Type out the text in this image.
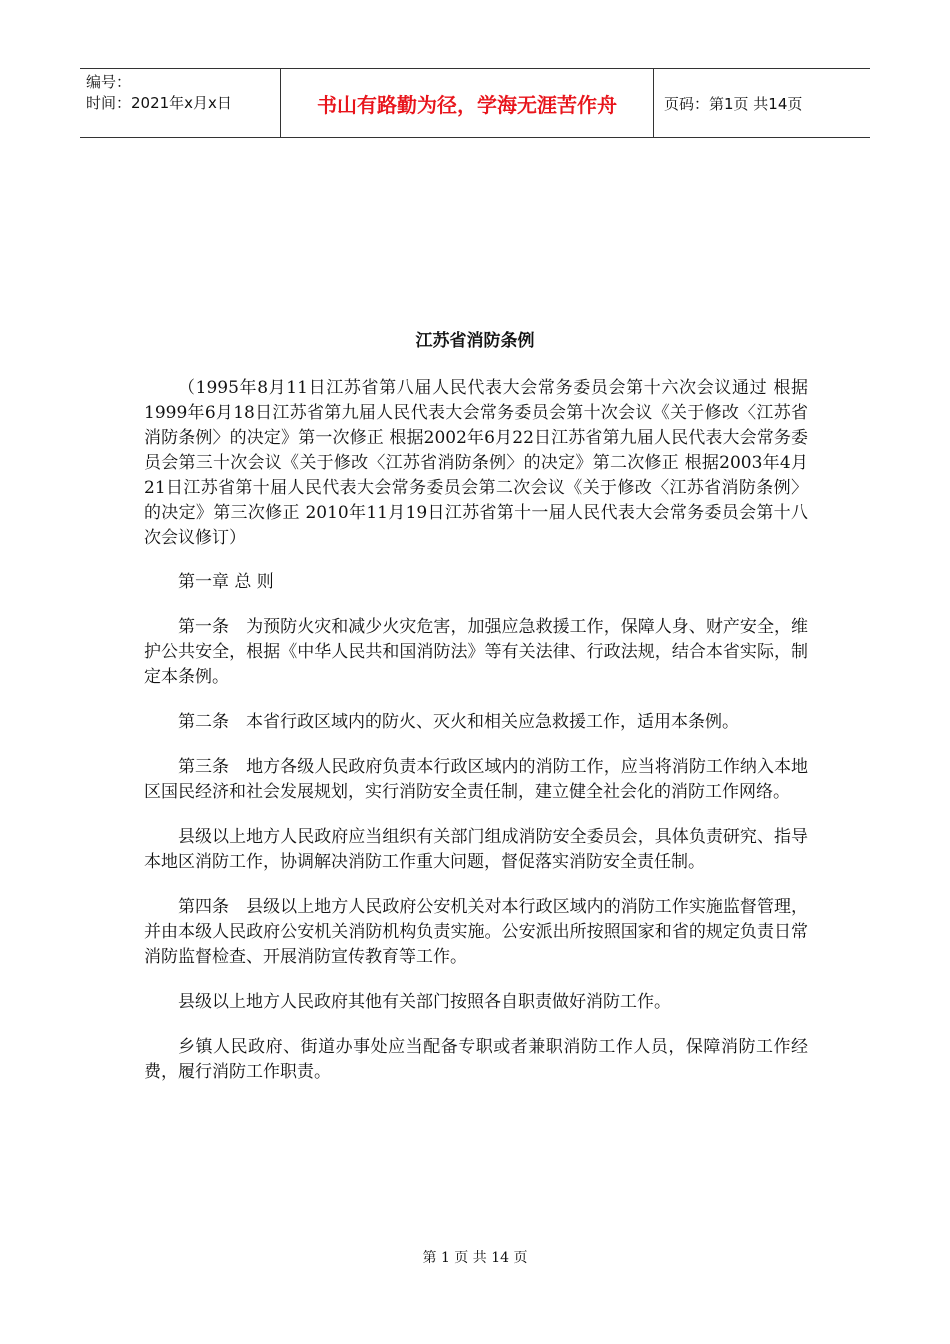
编号：
时间：2021年x月x日	书山有路勤为径，学海无涯苦作舟	页码：第1页 共14页
江苏省消防条例

（1995年8月11日江苏省第八届人民代表大会常务委员会第十六次会议通过 根据1999年6月18日江苏省第九届人民代表大会常务委员会第十次会议《关于修改〈江苏省消防条例〉的决定》第一次修正 根据2002年6月22日江苏省第九届人民代表大会常务委员会第三十次会议《关于修改〈江苏省消防条例〉的决定》第二次修正 根据2003年4月21日江苏省第十届人民代表大会常务委员会第二次会议《关于修改〈江苏省消防条例〉的决定》第三次修正 2010年11月19日江苏省第十一届人民代表大会常务委员会第十八次会议修订）

第一章 总 则

第一条　为预防火灾和减少火灾危害，加强应急救援工作，保障人身、财产安全，维护公共安全，根据《中华人民共和国消防法》等有关法律、行政法规，结合本省实际，制定本条例。

第二条　本省行政区域内的防火、灭火和相关应急救援工作，适用本条例。

第三条　地方各级人民政府负责本行政区域内的消防工作，应当将消防工作纳入本地区国民经济和社会发展规划，实行消防安全责任制，建立健全社会化的消防工作网络。

县级以上地方人民政府应当组织有关部门组成消防安全委员会，具体负责研究、指导本地区消防工作，协调解决消防工作重大问题，督促落实消防安全责任制。

第四条　县级以上地方人民政府公安机关对本行政区域内的消防工作实施监督管理，并由本级人民政府公安机关消防机构负责实施。公安派出所按照国家和省的规定负责日常消防监督检查、开展消防宣传教育等工作。

县级以上地方人民政府其他有关部门按照各自职责做好消防工作。

乡镇人民政府、街道办事处应当配备专职或者兼职消防工作人员，保障消防工作经费，履行消防工作职责。

第 1 页 共 14 页
